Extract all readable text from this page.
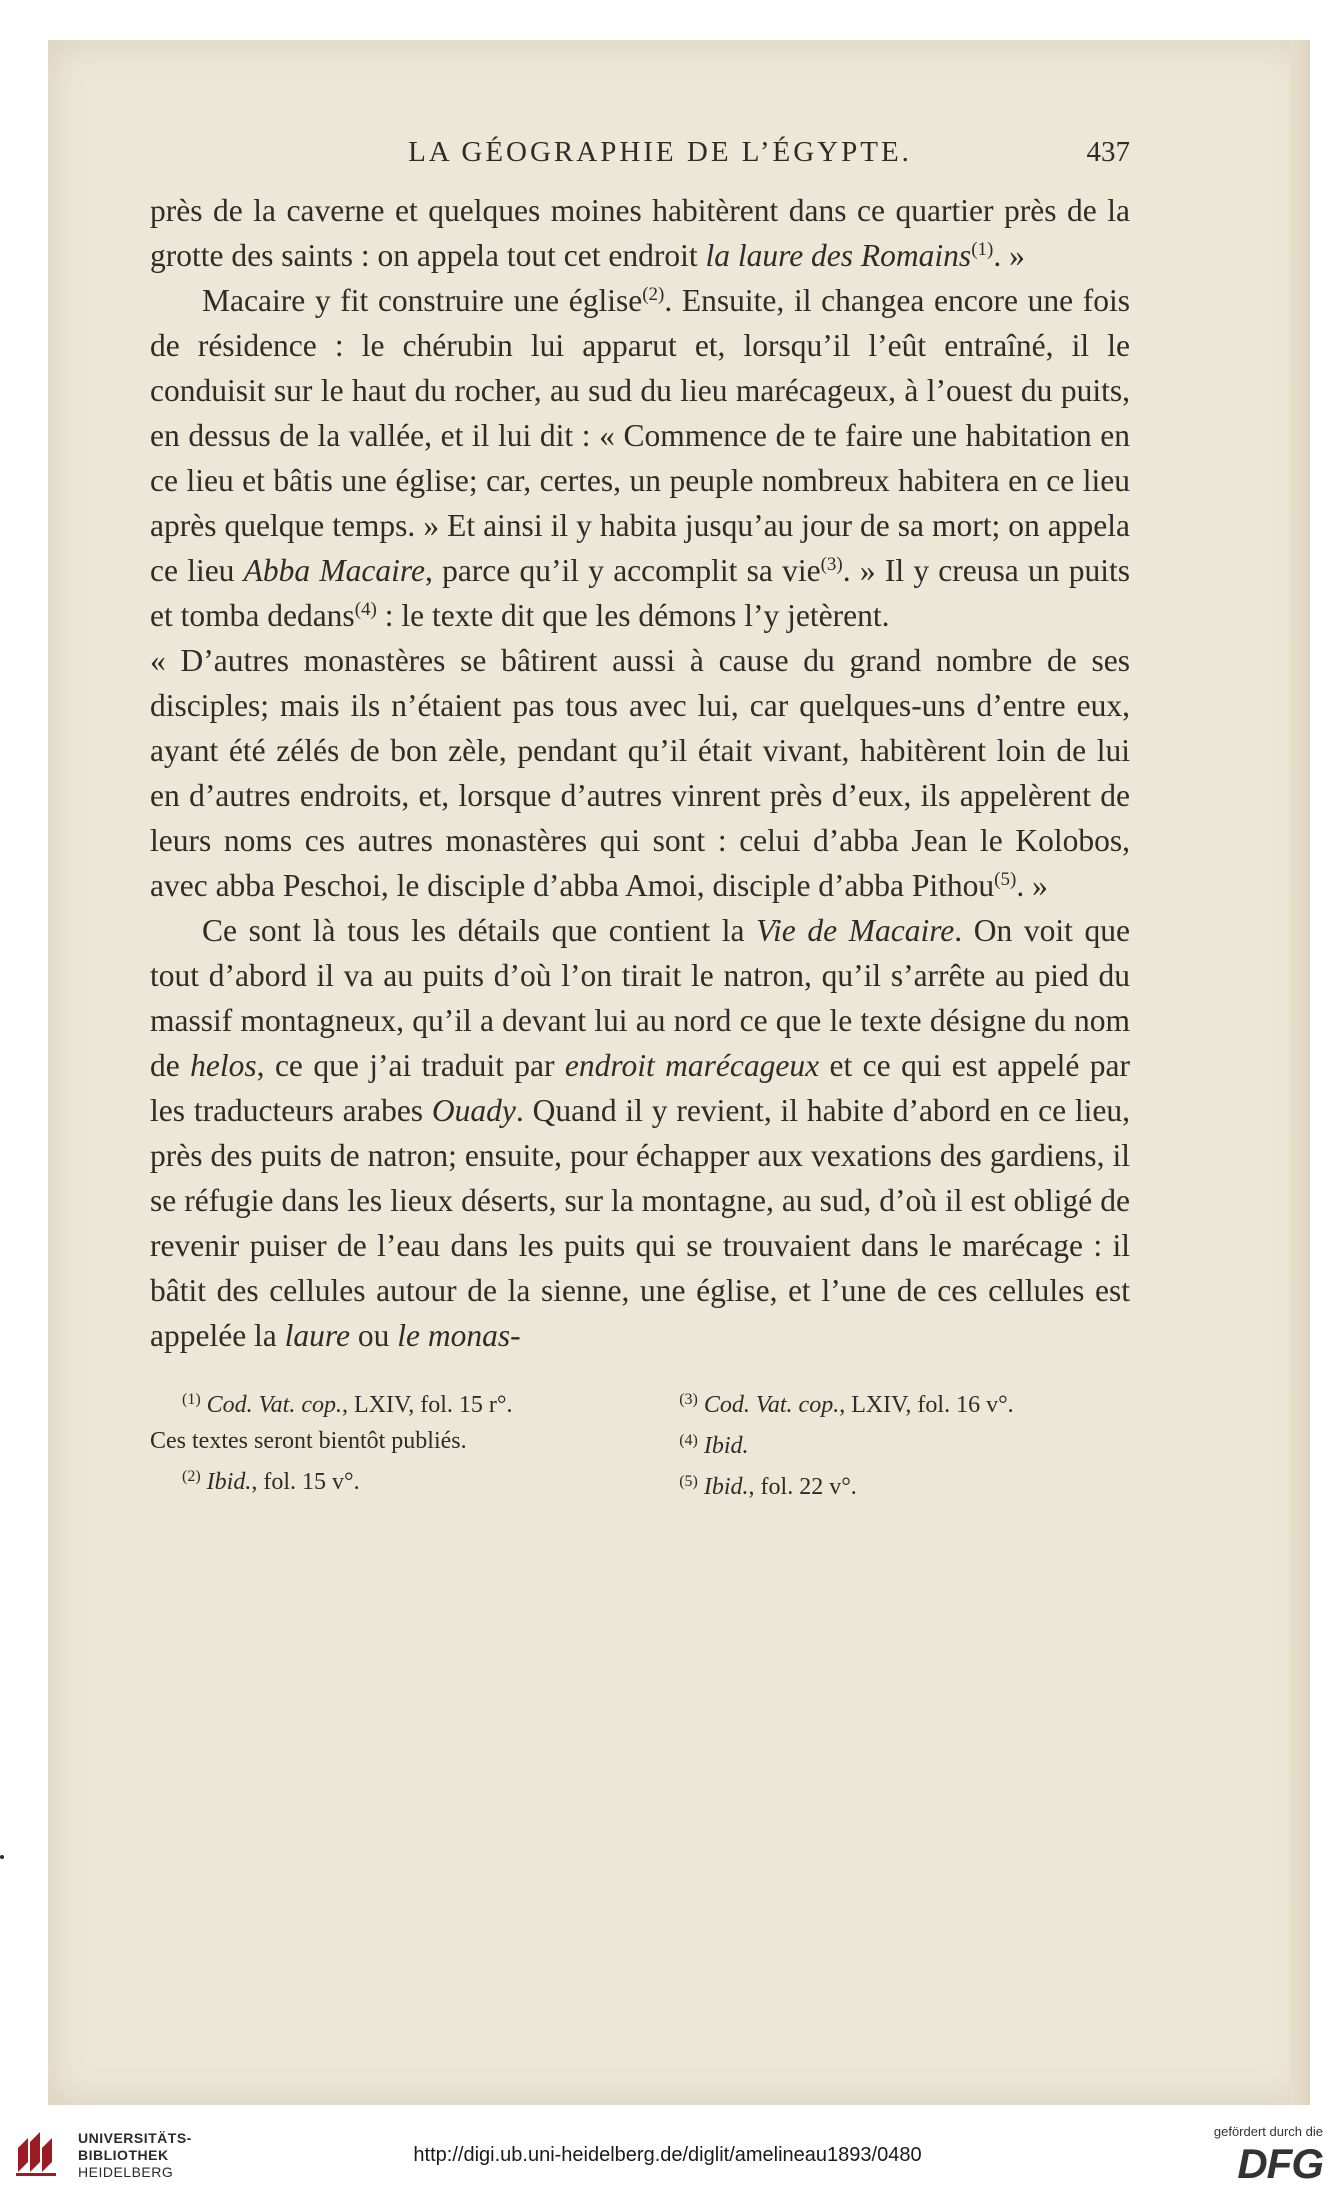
LA GÉOGRAPHIE DE L’ÉGYPTE.	437

près de la caverne et quelques moines habitèrent dans ce quartier près de la grotte des saints : on appela tout cet endroit la laure des Romains$^{(1)}$. »

Macaire y fit construire une église$^{(2)}$. Ensuite, il changea encore une fois de résidence : le chérubin lui apparut et, lorsqu’il l’eût entraîné, il le conduisit sur le haut du rocher, au sud du lieu marécageux, à l’ouest du puits, en dessus de la vallée, et il lui dit : « Commence de te faire une habitation en ce lieu et bâtis une église; car, certes, un peuple nombreux habitera en ce lieu après quelque temps. » Et ainsi il y habita jusqu’au jour de sa mort; on appela ce lieu Abba Macaire, parce qu’il y accomplit sa vie$^{(3)}$. » Il y creusa un puits et tomba dedans$^{(4)}$ : le texte dit que les démons l’y jetèrent.

« D’autres monastères se bâtirent aussi à cause du grand nombre de ses disciples; mais ils n’étaient pas tous avec lui, car quelques-uns d’entre eux, ayant été zélés de bon zèle, pendant qu’il était vivant, habitèrent loin de lui en d’autres endroits, et, lorsque d’autres vinrent près d’eux, ils appelèrent de leurs noms ces autres monastères qui sont : celui d’abba Jean le Kolobos, avec abba Peschoi, le disciple d’abba Amoi, disciple d’abba Pithou$^{(5)}$. »

Ce sont là tous les détails que contient la Vie de Macaire. On voit que tout d’abord il va au puits d’où l’on tirait le natron, qu’il s’arrête au pied du massif montagneux, qu’il a devant lui au nord ce que le texte désigne du nom de helos, ce que j’ai traduit par endroit marécageux et ce qui est appelé par les traducteurs arabes Ouady. Quand il y revient, il habite d’abord en ce lieu, près des puits de natron; ensuite, pour échapper aux vexations des gardiens, il se réfugie dans les lieux déserts, sur la montagne, au sud, d’où il est obligé de revenir puiser de l’eau dans les puits qui se trouvaient dans le marécage : il bâtit des cellules autour de la sienne, une église, et l’une de ces cellules est appelée la laure ou le monas-

$^{(1)}$ Cod. Vat. cop., LXIV, fol. 15 r°.
Ces textes seront bientôt publiés.
$^{(2)}$ Ibid., fol. 15 v°.
$^{(3)}$ Cod. Vat. cop., LXIV, fol. 16 v°.
$^{(4)}$ Ibid.
$^{(5)}$ Ibid., fol. 22 v°.
UNIVERSITÄTS-
BIBLIOTHEK
HEIDELBERG
http://digi.ub.uni-heidelberg.de/diglit/amelineau1893/0480
gefördert durch die
DFG
